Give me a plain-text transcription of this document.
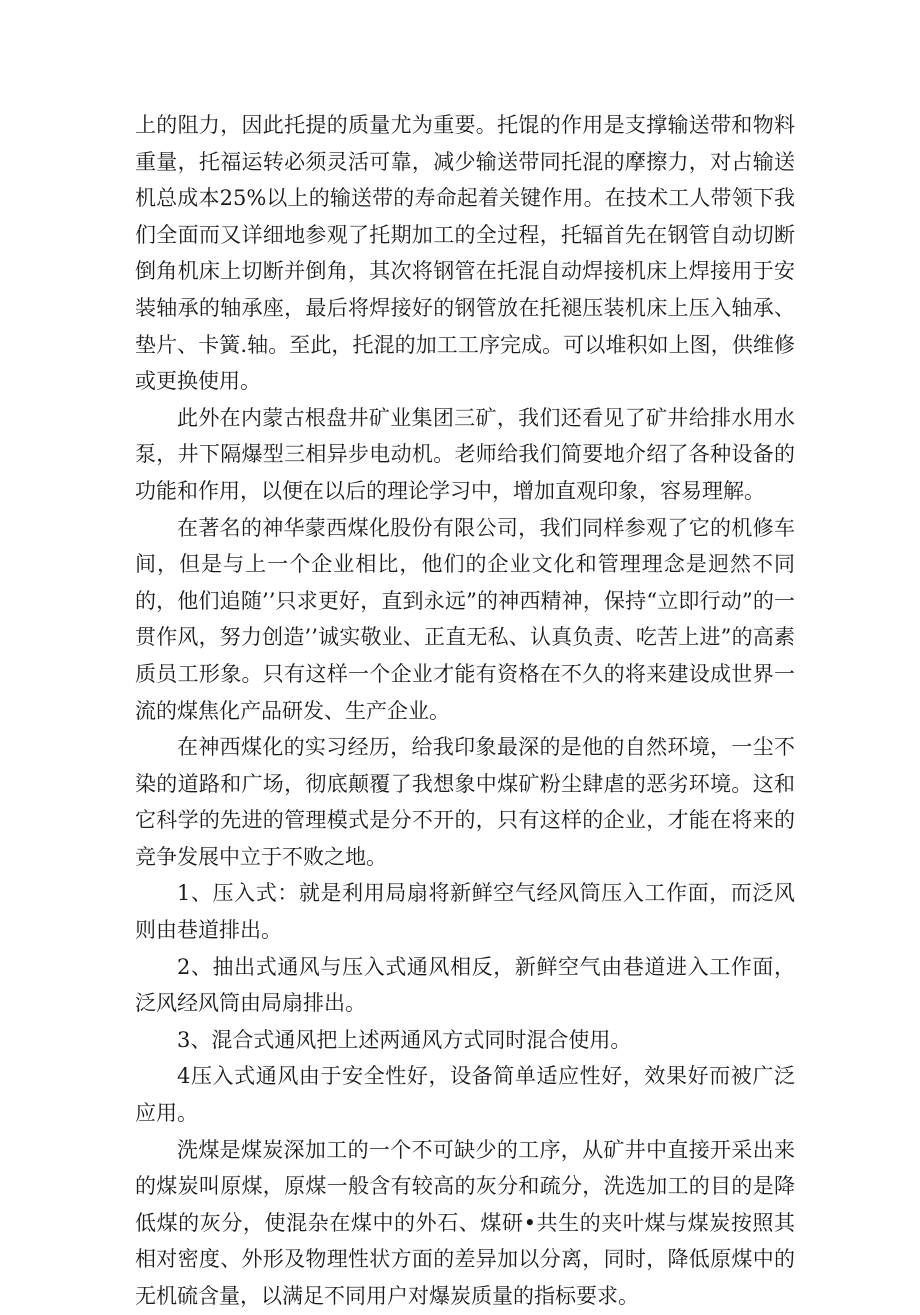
上的阻力，因此托提的质量尤为重要。托馄的作用是支撑输送带和物料重量，托福运转必须灵活可靠，减少输送带同托混的摩擦力，对占输送机总成本25%以上的输送带的寿命起着关键作用。在技术工人带领下我们全面而又详细地参观了托期加工的全过程，托辐首先在钢管自动切断倒角机床上切断并倒角，其次将钢管在托混自动焊接机床上焊接用于安装轴承的轴承座，最后将焊接好的钢管放在托褪压装机床上压入轴承、垫片、卡簧.轴。至此，托混的加工工序完成。可以堆积如上图，供维修或更换使用。

此外在内蒙古根盘井矿业集团三矿，我们还看见了矿井给排水用水泵，井下隔爆型三相异步电动机。老师给我们简要地介绍了各种设备的功能和作用，以便在以后的理论学习中，增加直观印象，容易理解。

在著名的神华蒙西煤化股份有限公司，我们同样参观了它的机修车间，但是与上一个企业相比，他们的企业文化和管理理念是迥然不同的，他们追随’’只求更好，直到永远”的神西精神，保持“立即行动”的一贯作风，努力创造’’诚实敬业、正直无私、认真负责、吃苦上进”的高素质员工形象。只有这样一个企业才能有资格在不久的将来建设成世界一流的煤焦化产品研发、生产企业。

在神西煤化的实习经历，给我印象最深的是他的自然环境，一尘不染的道路和广场，彻底颠覆了我想象中煤矿粉尘肆虐的恶劣环境。这和它科学的先进的管理模式是分不开的，只有这样的企业，才能在将来的竞争发展中立于不败之地。

1、压入式：就是利用局扇将新鲜空气经风筒压入工作面，而泛风则由巷道排出。

2、抽出式通风与压入式通风相反，新鲜空气由巷道进入工作面，泛风经风筒由局扇排出。

3、混合式通风把上述两通风方式同时混合使用。

4压入式通风由于安全性好，设备简单适应性好，效果好而被广泛应用。

洗煤是煤炭深加工的一个不可缺少的工序，从矿井中直接开采出来的煤炭叫原煤，原煤一般含有较高的灰分和疏分，洗选加工的目的是降低煤的灰分，使混杂在煤中的外石、煤研•共生的夹叶煤与煤炭按照其相对密度、外形及物理性状方面的差异加以分离，同时，降低原煤中的无机硫含量，以满足不同用户对爆炭质量的指标要求。
